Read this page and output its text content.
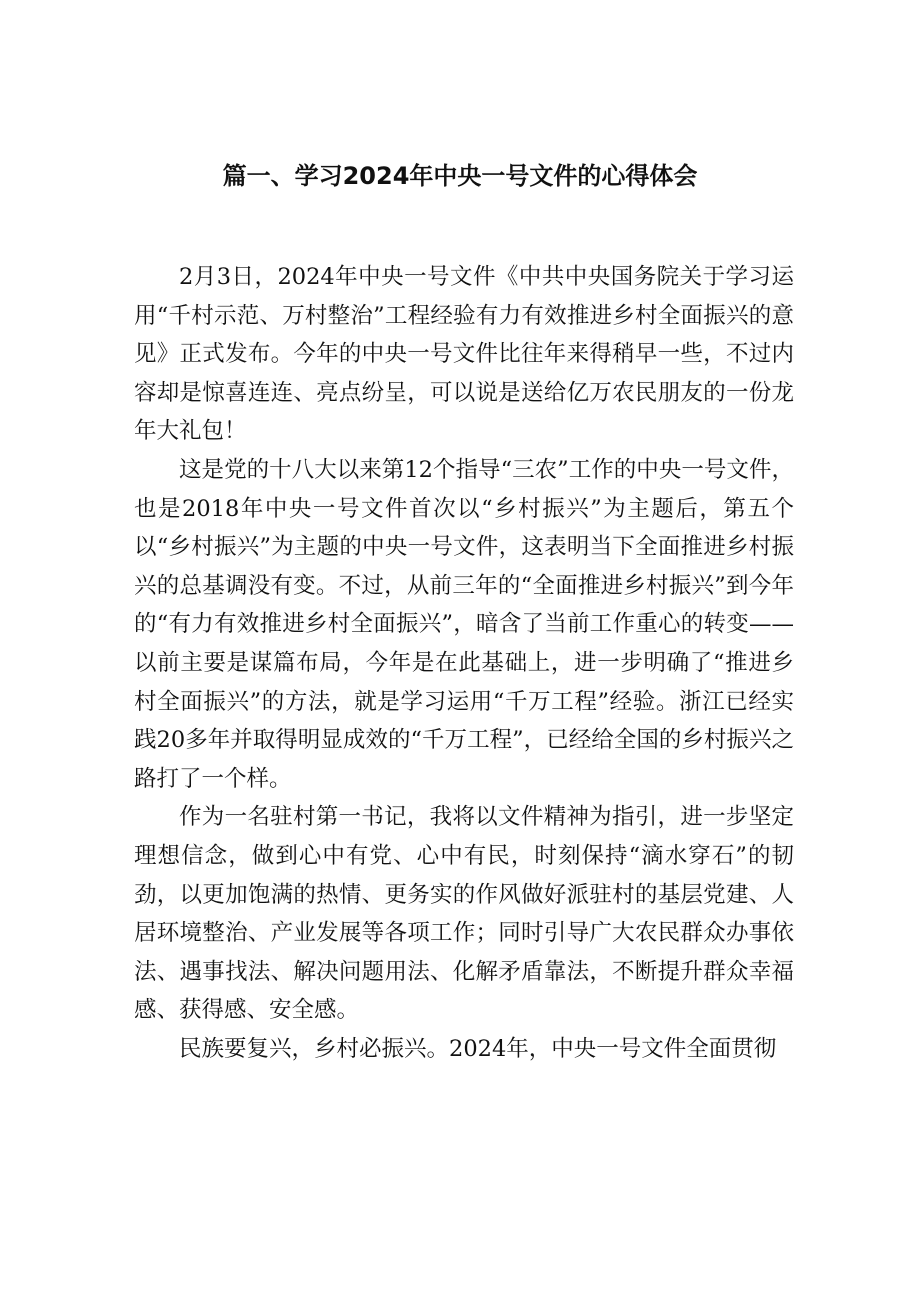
篇一、学习2024年中央一号文件的心得体会

2月3日，2024年中央一号文件《中共中央国务院关于学习运用“千村示范、万村整治”工程经验有力有效推进乡村全面振兴的意见》正式发布。今年的中央一号文件比往年来得稍早一些，不过内容却是惊喜连连、亮点纷呈，可以说是送给亿万农民朋友的一份龙年大礼包！

这是党的十八大以来第12个指导“三农”工作的中央一号文件，也是2018年中央一号文件首次以“乡村振兴”为主题后，第五个以“乡村振兴”为主题的中央一号文件，这表明当下全面推进乡村振兴的总基调没有变。不过，从前三年的“全面推进乡村振兴”到今年的“有力有效推进乡村全面振兴”，暗含了当前工作重心的转变——以前主要是谋篇布局，今年是在此基础上，进一步明确了“推进乡村全面振兴”的方法，就是学习运用“千万工程”经验。浙江已经实践20多年并取得明显成效的“千万工程”，已经给全国的乡村振兴之路打了一个样。

作为一名驻村第一书记，我将以文件精神为指引，进一步坚定理想信念，做到心中有党、心中有民，时刻保持“滴水穿石”的韧劲，以更加饱满的热情、更务实的作风做好派驻村的基层党建、人居环境整治、产业发展等各项工作；同时引导广大农民群众办事依法、遇事找法、解决问题用法、化解矛盾靠法，不断提升群众幸福感、获得感、安全感。

民族要复兴，乡村必振兴。2024年，中央一号文件全面贯彻
